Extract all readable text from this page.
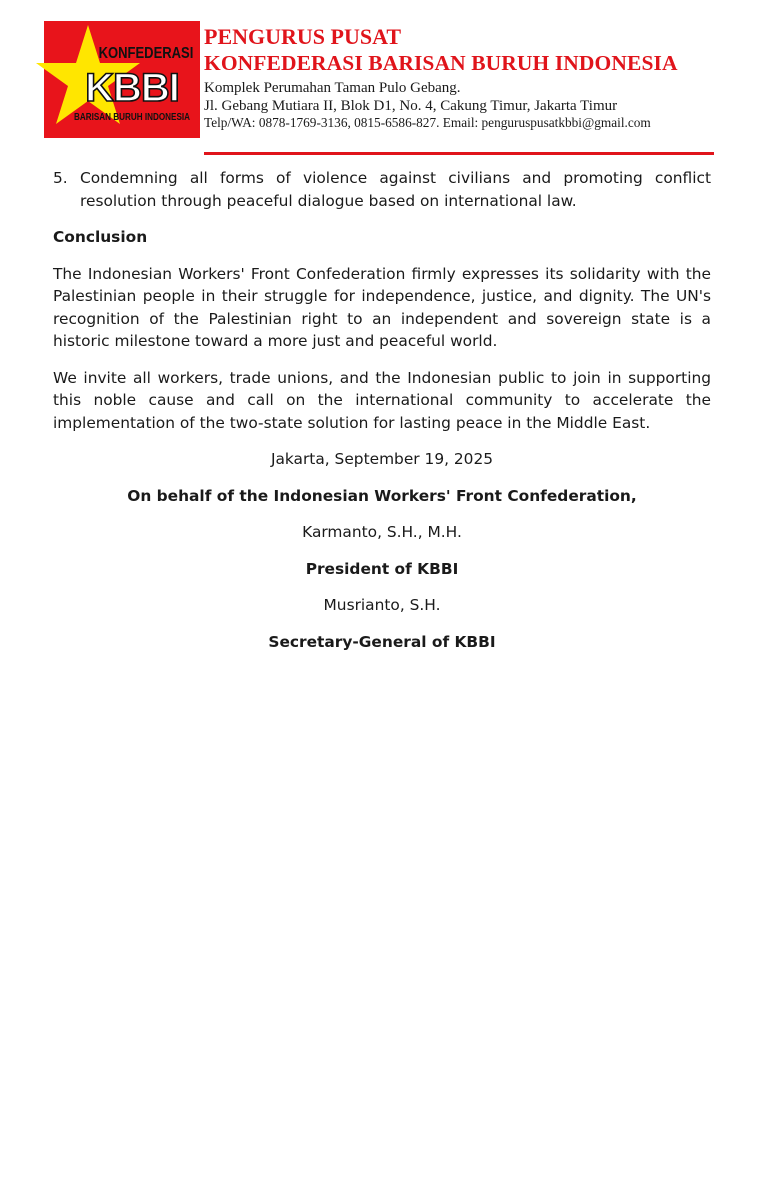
KONFEDERASI
KBBI
BARISAN BURUH INDONESIA
PENGURUS PUSAT
KONFEDERASI BARISAN BURUH INDONESIA
Komplek Perumahan Taman Pulo Gebang.
Jl. Gebang Mutiara II, Blok D1, No. 4, Cakung Timur, Jakarta Timur
Telp/WA: 0878-1769-3136, 0815-6586-827. Email: penguruspusatkbbi@gmail.com
5. Condemning all forms of violence against civilians and promoting conflict resolution through peaceful dialogue based on international law.
Conclusion

The Indonesian Workers' Front Confederation firmly expresses its solidarity with the Palestinian people in their struggle for independence, justice, and dignity. The UN's recognition of the Palestinian right to an independent and sovereign state is a historic milestone toward a more just and peaceful world.

We invite all workers, trade unions, and the Indonesian public to join in supporting this noble cause and call on the international community to accelerate the implementation of the two-state solution for lasting peace in the Middle East.

Jakarta, September 19, 2025

On behalf of the Indonesian Workers' Front Confederation,

Karmanto, S.H., M.H.

President of KBBI

Musrianto, S.H.

Secretary-General of KBBI
